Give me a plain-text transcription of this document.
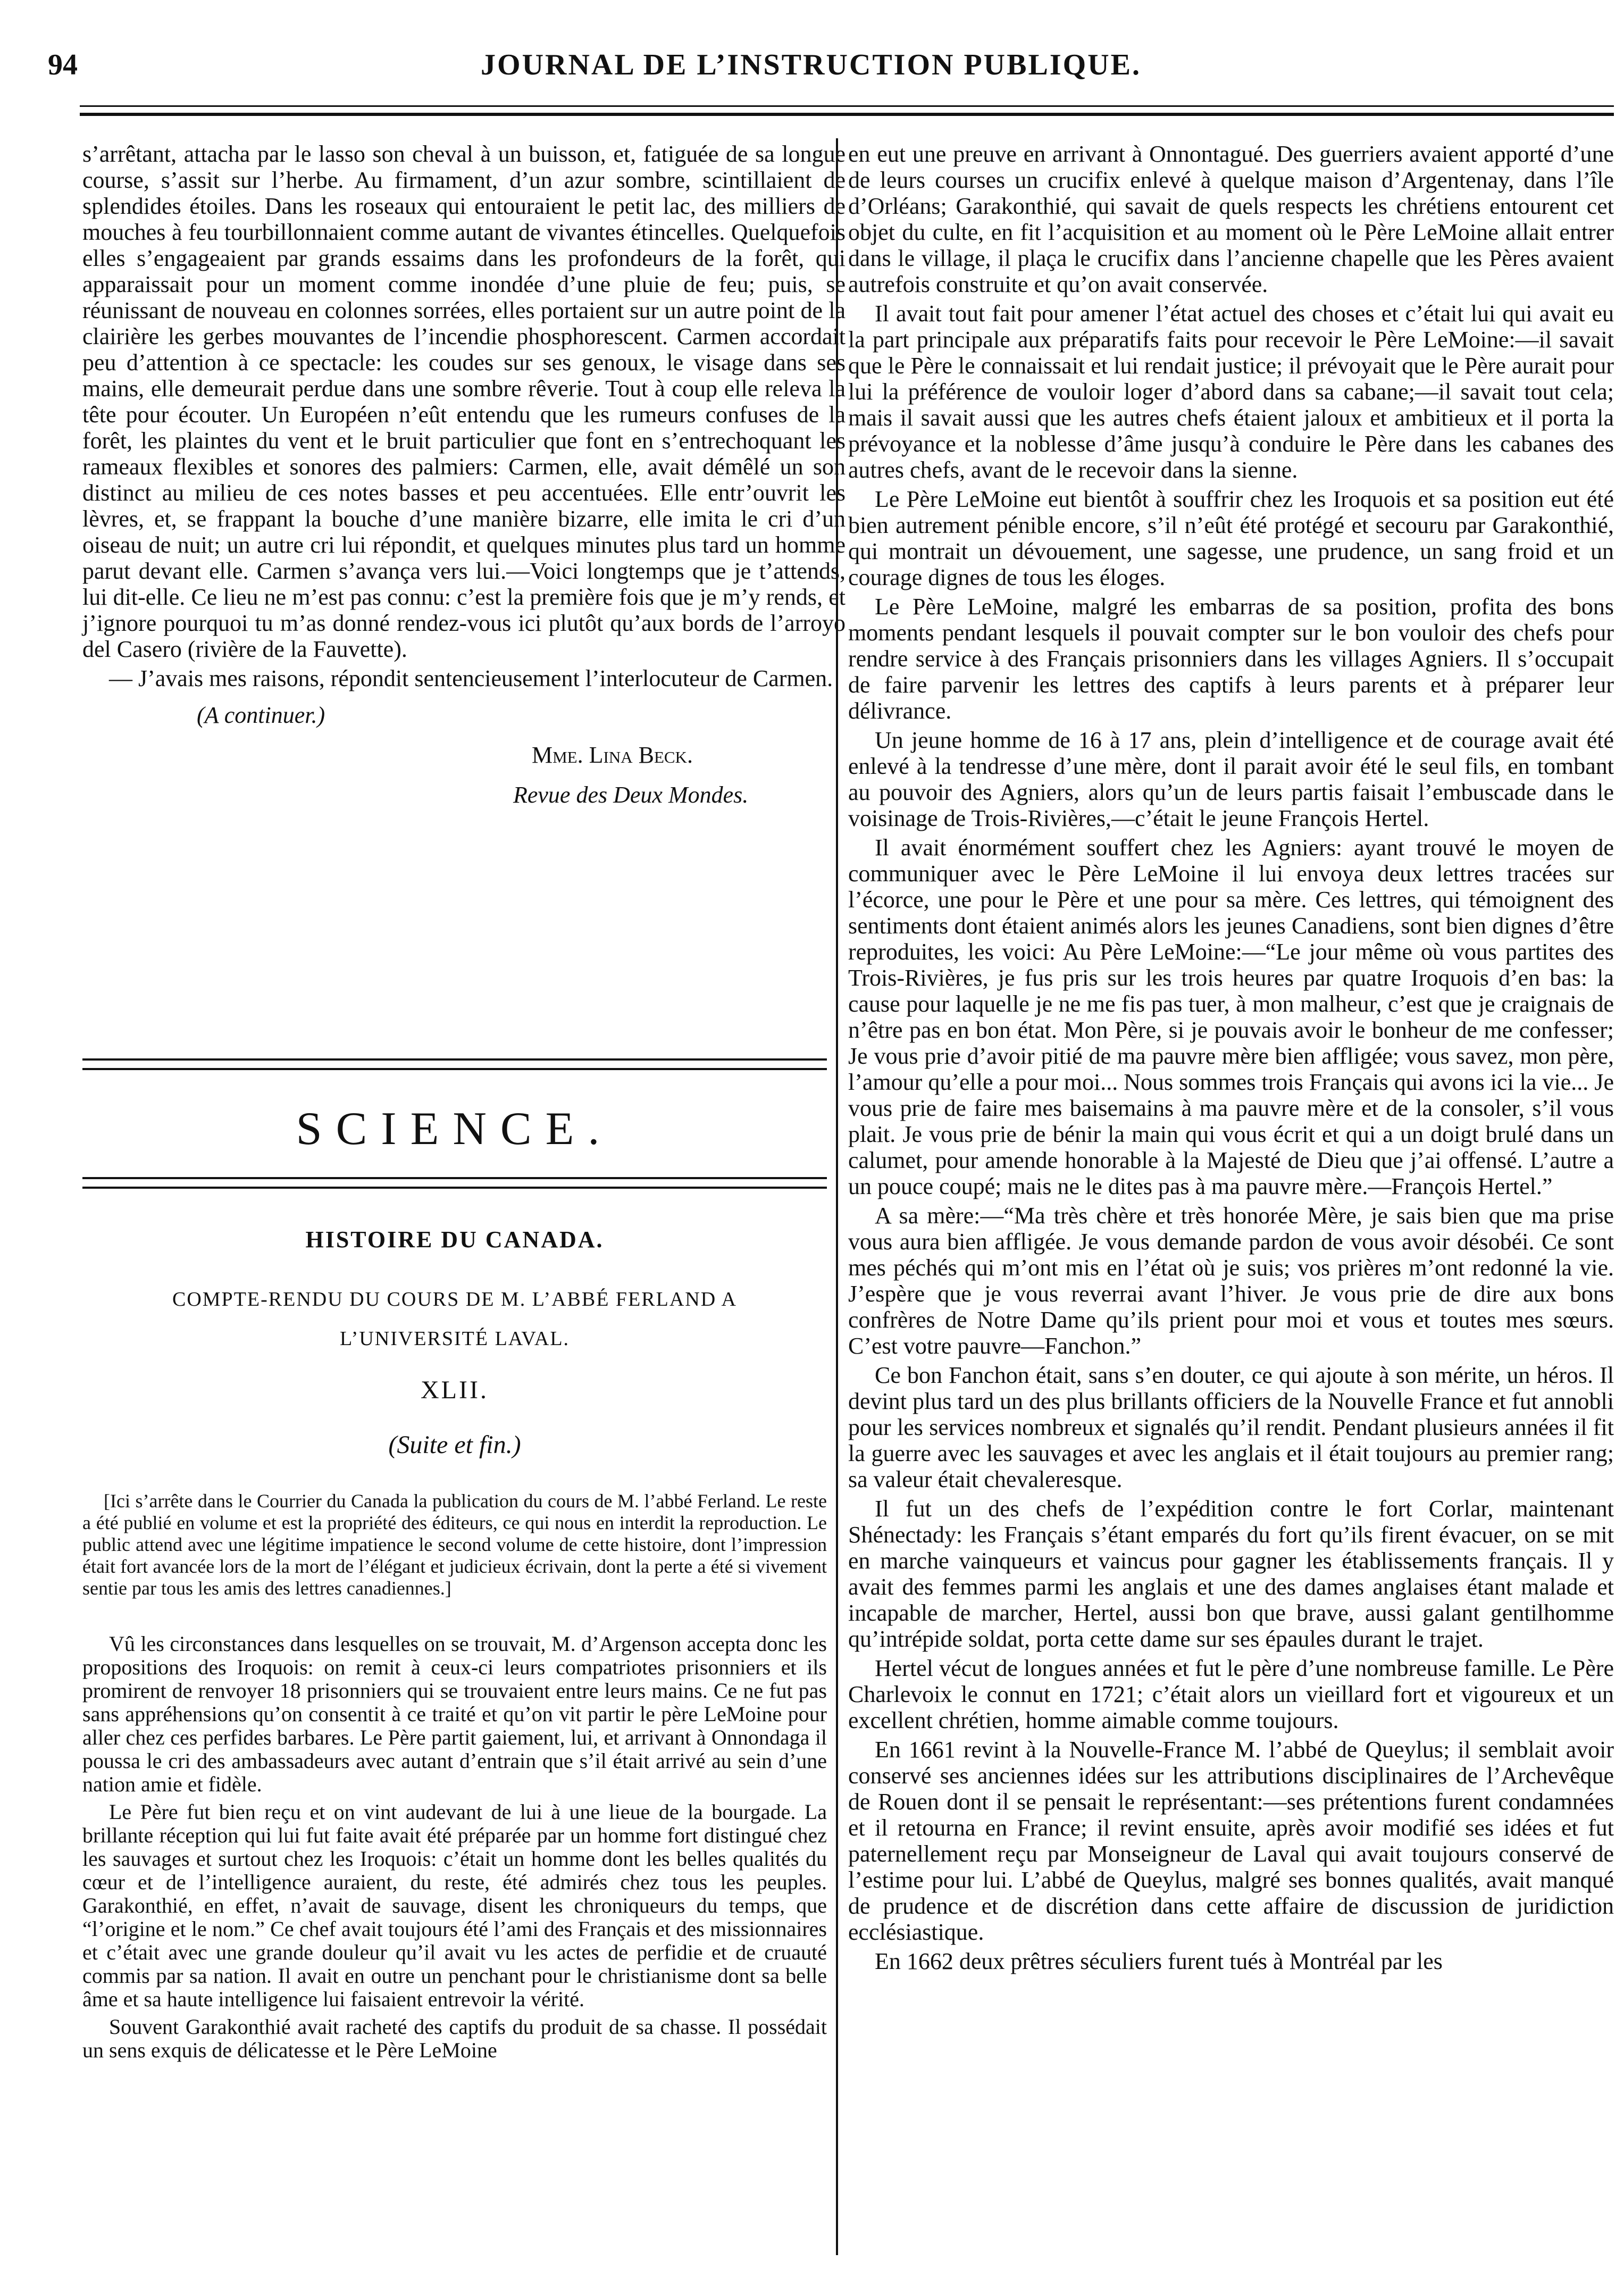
94	JOURNAL DE L’INSTRUCTION PUBLIQUE.

s’arrêtant, attacha par le lasso son cheval à un buisson, et, fatiguée de sa longue course, s’assit sur l’herbe. Au firmament, d’un azur sombre, scintillaient de splendides étoiles. Dans les roseaux qui entouraient le petit lac, des milliers de mouches à feu tourbillonnaient comme autant de vivantes étincelles. Quelquefois elles s’engageaient par grands essaims dans les profondeurs de la forêt, qui apparaissait pour un moment comme inondée d’une pluie de feu; puis, se réunissant de nouveau en colonnes sorrées, elles portaient sur un autre point de la clairière les gerbes mouvantes de l’incendie phosphorescent. Carmen accordait peu d’attention à ce spectacle: les coudes sur ses genoux, le visage dans ses mains, elle demeurait perdue dans une sombre rêverie. Tout à coup elle releva la tête pour écouter. Un Européen n’eût entendu que les rumeurs confuses de la forêt, les plaintes du vent et le bruit particulier que font en s’entrechoquant les rameaux flexibles et sonores des palmiers: Carmen, elle, avait démêlé un son distinct au milieu de ces notes basses et peu accentuées. Elle entr’ouvrit les lèvres, et, se frappant la bouche d’une manière bizarre, elle imita le cri d’un oiseau de nuit; un autre cri lui répondit, et quelques minutes plus tard un homme parut devant elle. Carmen s’avança vers lui.—Voici longtemps que je t’attends, lui dit-elle. Ce lieu ne m’est pas connu: c’est la première fois que je m’y rends, et j’ignore pourquoi tu m’as donné rendez-vous ici plutôt qu’aux bords de l’arroyo del Casero (rivière de la Fauvette).

— J’avais mes raisons, répondit sentencieusement l’interlocuteur de Carmen.

(A continuer.)
Mme. Lina Beck.
Revue des Deux Mondes.
SCIENCE.
HISTOIRE DU CANADA.
COMPTE-RENDU DU COURS DE M. L’ABBÉ FERLAND A L’UNIVERSITÉ LAVAL.
XLII.
(Suite et fin.)
[Ici s’arrête dans le Courrier du Canada la publication du cours de M. l’abbé Ferland. Le reste a été publié en volume et est la propriété des éditeurs, ce qui nous en interdit la reproduction. Le public attend avec une légitime impatience le second volume de cette histoire, dont l’impression était fort avancée lors de la mort de l’élégant et judicieux écrivain, dont la perte a été si vivement sentie par tous les amis des lettres canadiennes.]

Vû les circonstances dans lesquelles on se trouvait, M. d’Argenson accepta donc les propositions des Iroquois: on remit à ceux-ci leurs compatriotes prisonniers et ils promirent de renvoyer 18 prisonniers qui se trouvaient entre leurs mains. Ce ne fut pas sans appréhensions qu’on consentit à ce traité et qu’on vit partir le père LeMoine pour aller chez ces perfides barbares. Le Père partit gaiement, lui, et arrivant à Onnondaga il poussa le cri des ambassadeurs avec autant d’entrain que s’il était arrivé au sein d’une nation amie et fidèle.

Le Père fut bien reçu et on vint audevant de lui à une lieue de la bourgade. La brillante réception qui lui fut faite avait été préparée par un homme fort distingué chez les sauvages et surtout chez les Iroquois: c’était un homme dont les belles qualités du cœur et de l’intelligence auraient, du reste, été admirés chez tous les peuples. Garakonthié, en effet, n’avait de sauvage, disent les chroniqueurs du temps, que “l’origine et le nom.” Ce chef avait toujours été l’ami des Français et des missionnaires et c’était avec une grande douleur qu’il avait vu les actes de perfidie et de cruauté commis par sa nation. Il avait en outre un penchant pour le christianisme dont sa belle âme et sa haute intelligence lui faisaient entrevoir la vérité.

Souvent Garakonthié avait racheté des captifs du produit de sa chasse. Il possédait un sens exquis de délicatesse et le Père LeMoine

en eut une preuve en arrivant à Onnontagué. Des guerriers avaient apporté d’une de leurs courses un crucifix enlevé à quelque maison d’Argentenay, dans l’île d’Orléans; Garakonthié, qui savait de quels respects les chrétiens entourent cet objet du culte, en fit l’acquisition et au moment où le Père LeMoine allait entrer dans le village, il plaça le crucifix dans l’ancienne chapelle que les Pères avaient autrefois construite et qu’on avait conservée.

Il avait tout fait pour amener l’état actuel des choses et c’était lui qui avait eu la part principale aux préparatifs faits pour recevoir le Père LeMoine:—il savait que le Père le connaissait et lui rendait justice; il prévoyait que le Père aurait pour lui la préférence de vouloir loger d’abord dans sa cabane;—il savait tout cela; mais il savait aussi que les autres chefs étaient jaloux et ambitieux et il porta la prévoyance et la noblesse d’âme jusqu’à conduire le Père dans les cabanes des autres chefs, avant de le recevoir dans la sienne.

Le Père LeMoine eut bientôt à souffrir chez les Iroquois et sa position eut été bien autrement pénible encore, s’il n’eût été protégé et secouru par Garakonthié, qui montrait un dévouement, une sagesse, une prudence, un sang froid et un courage dignes de tous les éloges.

Le Père LeMoine, malgré les embarras de sa position, profita des bons moments pendant lesquels il pouvait compter sur le bon vouloir des chefs pour rendre service à des Français prisonniers dans les villages Agniers. Il s’occupait de faire parvenir les lettres des captifs à leurs parents et à préparer leur délivrance.

Un jeune homme de 16 à 17 ans, plein d’intelligence et de courage avait été enlevé à la tendresse d’une mère, dont il parait avoir été le seul fils, en tombant au pouvoir des Agniers, alors qu’un de leurs partis faisait l’embuscade dans le voisinage de Trois-Rivières,—c’était le jeune François Hertel.

Il avait énormément souffert chez les Agniers: ayant trouvé le moyen de communiquer avec le Père LeMoine il lui envoya deux lettres tracées sur l’écorce, une pour le Père et une pour sa mère. Ces lettres, qui témoignent des sentiments dont étaient animés alors les jeunes Canadiens, sont bien dignes d’être reproduites, les voici: Au Père LeMoine:—“Le jour même où vous partites des Trois-Rivières, je fus pris sur les trois heures par quatre Iroquois d’en bas: la cause pour laquelle je ne me fis pas tuer, à mon malheur, c’est que je craignais de n’être pas en bon état. Mon Père, si je pouvais avoir le bonheur de me confesser; Je vous prie d’avoir pitié de ma pauvre mère bien affligée; vous savez, mon père, l’amour qu’elle a pour moi... Nous sommes trois Français qui avons ici la vie... Je vous prie de faire mes baisemains à ma pauvre mère et de la consoler, s’il vous plait. Je vous prie de bénir la main qui vous écrit et qui a un doigt brulé dans un calumet, pour amende honorable à la Majesté de Dieu que j’ai offensé. L’autre a un pouce coupé; mais ne le dites pas à ma pauvre mère.—François Hertel.”

A sa mère:—“Ma très chère et très honorée Mère, je sais bien que ma prise vous aura bien affligée. Je vous demande pardon de vous avoir désobéi. Ce sont mes péchés qui m’ont mis en l’état où je suis; vos prières m’ont redonné la vie. J’espère que je vous reverrai avant l’hiver. Je vous prie de dire aux bons confrères de Notre Dame qu’ils prient pour moi et vous et toutes mes sœurs. C’est votre pauvre—Fanchon.”

Ce bon Fanchon était, sans s’en douter, ce qui ajoute à son mérite, un héros. Il devint plus tard un des plus brillants officiers de la Nouvelle France et fut annobli pour les services nombreux et signalés qu’il rendit. Pendant plusieurs années il fit la guerre avec les sauvages et avec les anglais et il était toujours au premier rang; sa valeur était chevaleresque.

Il fut un des chefs de l’expédition contre le fort Corlar, maintenant Shénectady: les Français s’étant emparés du fort qu’ils firent évacuer, on se mit en marche vainqueurs et vaincus pour gagner les établissements français. Il y avait des femmes parmi les anglais et une des dames anglaises étant malade et incapable de marcher, Hertel, aussi bon que brave, aussi galant gentilhomme qu’intrépide soldat, porta cette dame sur ses épaules durant le trajet.

Hertel vécut de longues années et fut le père d’une nombreuse famille. Le Père Charlevoix le connut en 1721; c’était alors un vieillard fort et vigoureux et un excellent chrétien, homme aimable comme toujours.

En 1661 revint à la Nouvelle-France M. l’abbé de Queylus; il semblait avoir conservé ses anciennes idées sur les attributions disciplinaires de l’Archevêque de Rouen dont il se pensait le représentant:—ses prétentions furent condamnées et il retourna en France; il revint ensuite, après avoir modifié ses idées et fut paternellement reçu par Monseigneur de Laval qui avait toujours conservé de l’estime pour lui. L’abbé de Queylus, malgré ses bonnes qualités, avait manqué de prudence et de discrétion dans cette affaire de discussion de juridiction ecclésiastique.

En 1662 deux prêtres séculiers furent tués à Montréal par les
